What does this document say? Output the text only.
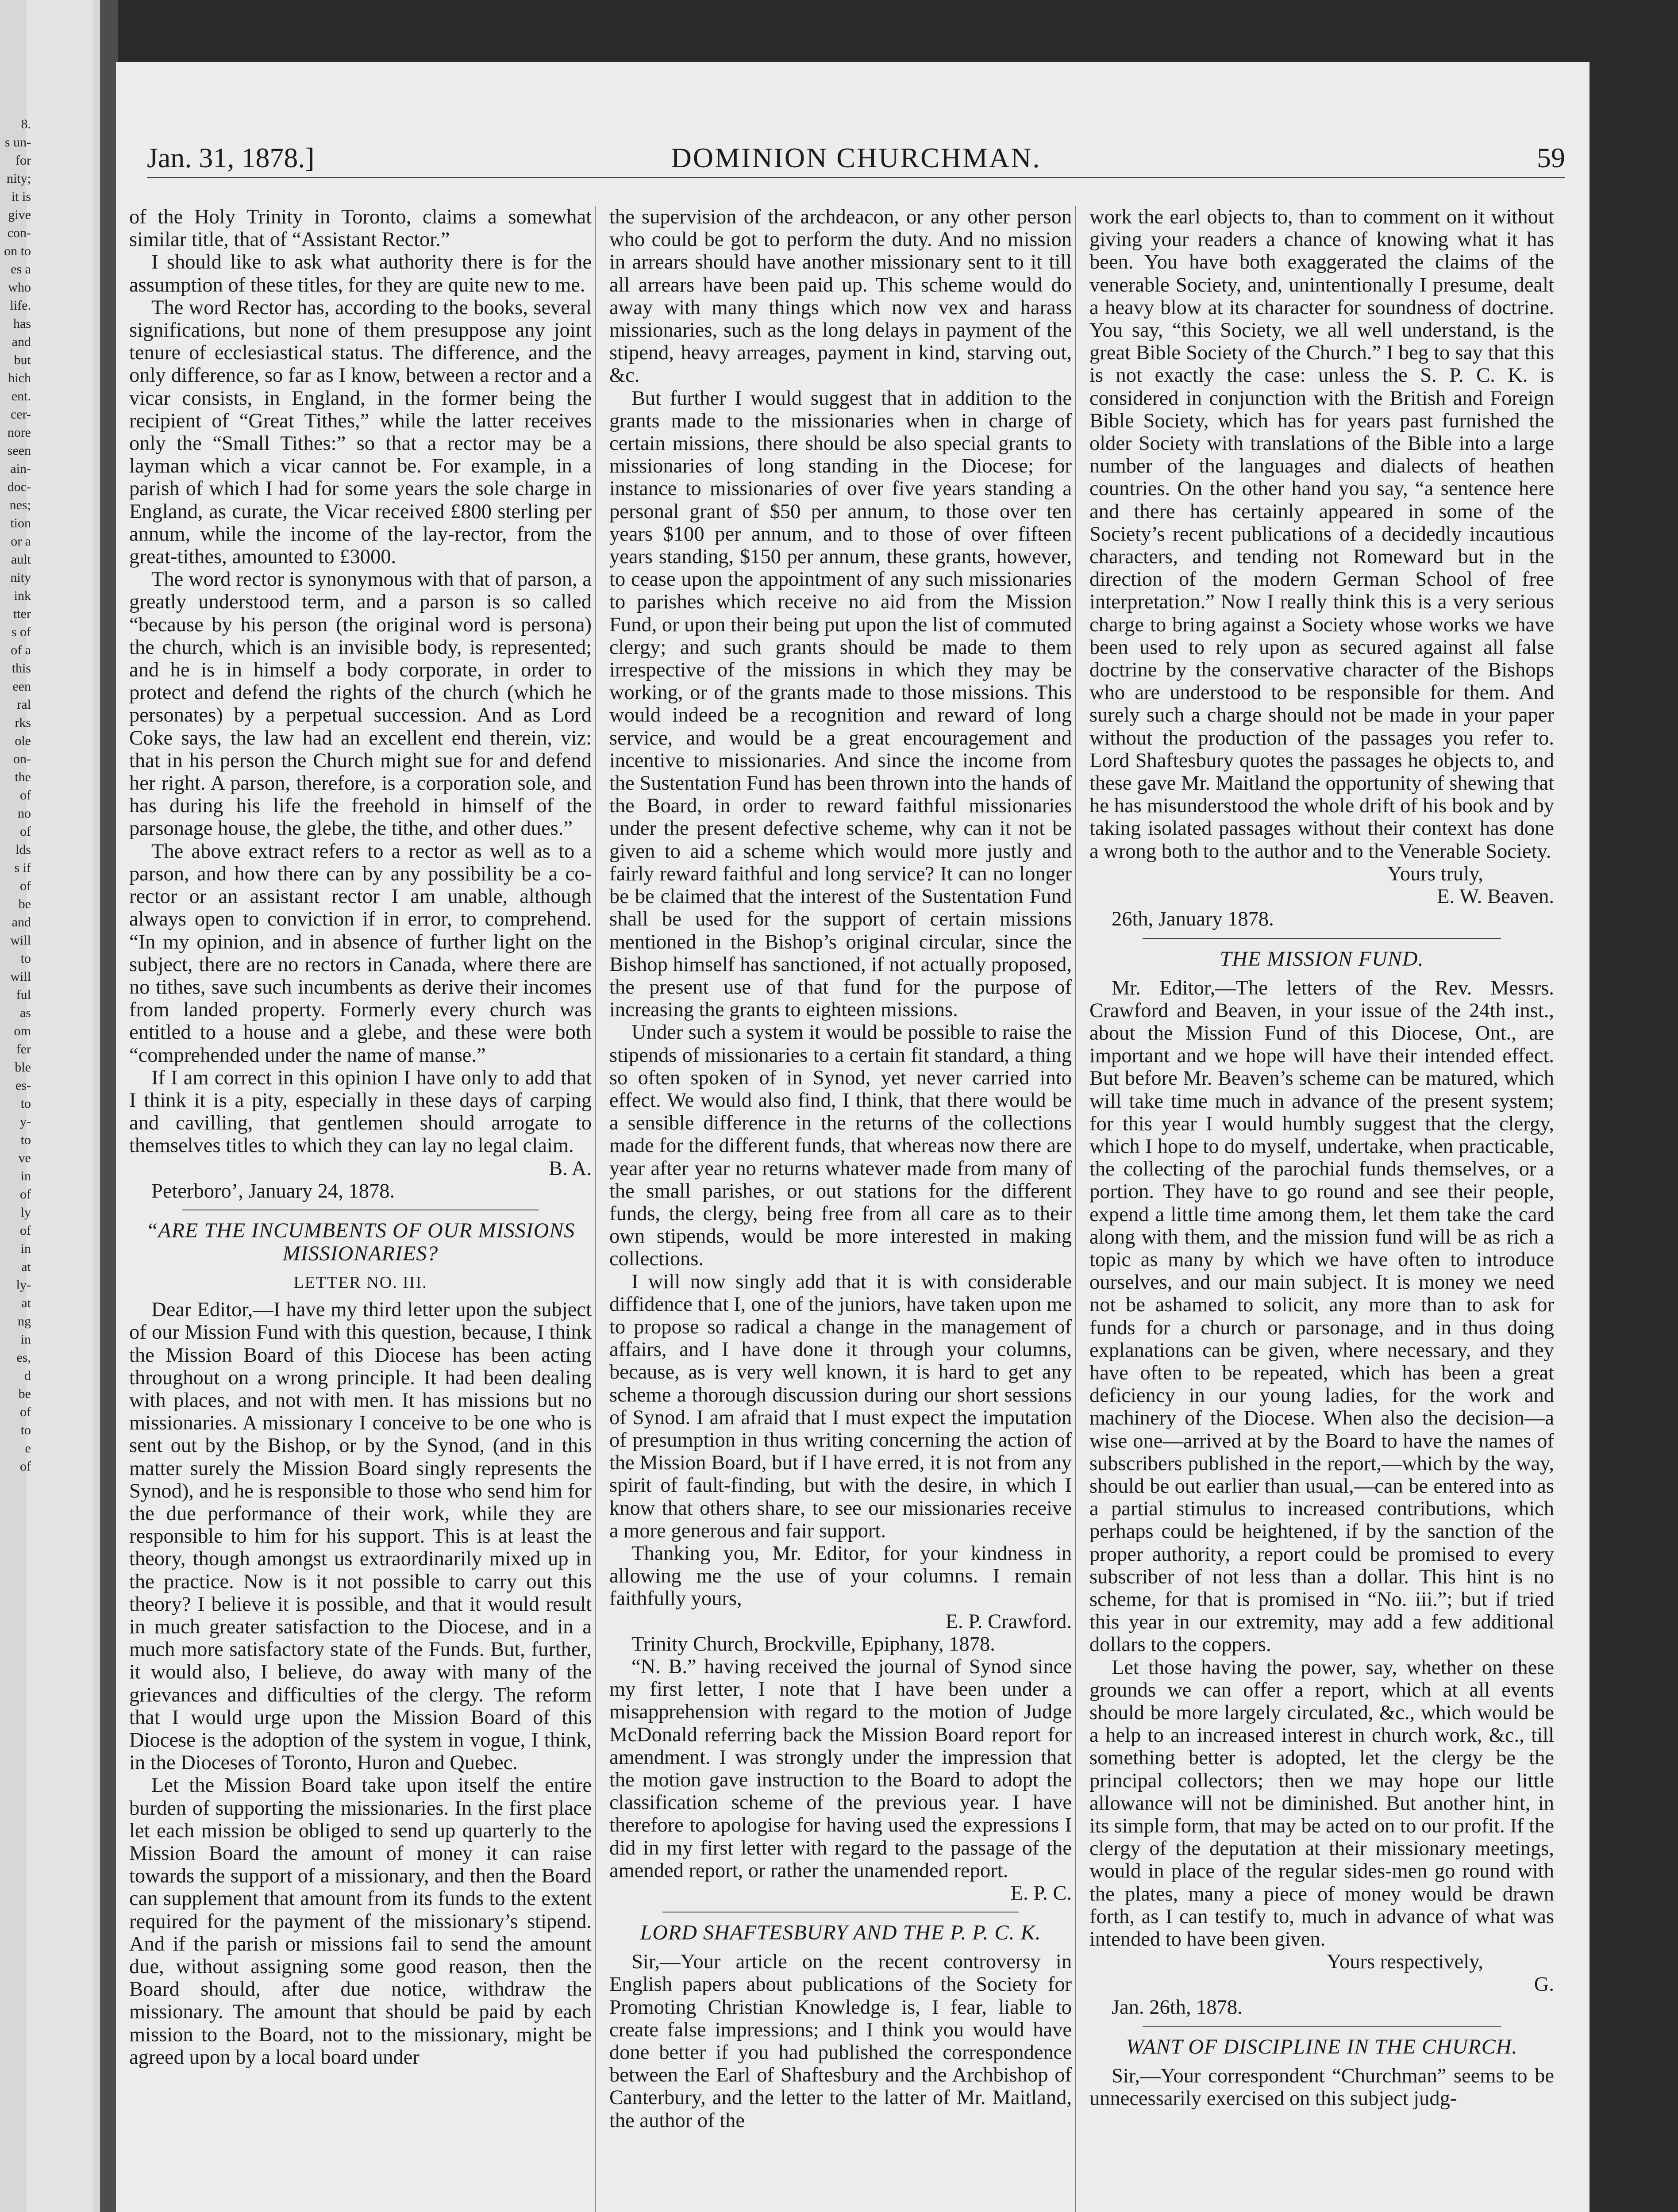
8.
s un-
for
nity;
it is
give
con-
on to
es a
who
life.
has
and
but
hich
ent.
cer-
nore
seen
ain-
doc-
nes;
tion
or a
ault
nity
ink
tter
s of
of a
this
een
ral
rks
ole
on-
the
of
no
of
lds
s if
of
be
and
will
to
will
ful
as
om
fer
ble
es-
to
y-
to
ve
in
of
ly
of
in
at
ly-
at
ng
in
es,
d
be
of
to
e
of
Jan. 31, 1878.]	DOMINION CHURCHMAN.	59

of the Holy Trinity in Toronto, claims a somewhat similar title, that of “Assistant Rector.”

I should like to ask what authority there is for the assumption of these titles, for they are quite new to me.

The word Rector has, according to the books, several significations, but none of them presuppose any joint tenure of ecclesiastical status. The difference, and the only difference, so far as I know, between a rector and a vicar consists, in England, in the former being the recipient of “Great Tithes,” while the latter receives only the “Small Tithes:” so that a rector may be a layman which a vicar cannot be. For example, in a parish of which I had for some years the sole charge in England, as curate, the Vicar received £800 sterling per annum, while the income of the lay-rector, from the great-tithes, amounted to £3000.

The word rector is synonymous with that of parson, a greatly understood term, and a parson is so called “because by his person (the original word is persona) the church, which is an invisible body, is represented; and he is in himself a body corporate, in order to protect and defend the rights of the church (which he personates) by a perpetual succession. And as Lord Coke says, the law had an excellent end therein, viz: that in his person the Church might sue for and defend her right. A parson, therefore, is a corporation sole, and has during his life the freehold in himself of the parsonage house, the glebe, the tithe, and other dues.”

The above extract refers to a rector as well as to a parson, and how there can by any possibility be a co-rector or an assistant rector I am unable, although always open to conviction if in error, to comprehend. “In my opinion, and in absence of further light on the subject, there are no rectors in Canada, where there are no tithes, save such incumbents as derive their incomes from landed property. Formerly every church was entitled to a house and a glebe, and these were both “comprehended under the name of manse.”

If I am correct in this opinion I have only to add that I think it is a pity, especially in these days of carping and cavilling, that gentlemen should arrogate to themselves titles to which they can lay no legal claim.

B. A.

Peterboro’, January 24, 1878.

“ARE THE INCUMBENTS OF OUR MISSIONS MISSIONARIES?
LETTER NO. III.

Dear Editor,—I have my third letter upon the subject of our Mission Fund with this question, because, I think the Mission Board of this Diocese has been acting throughout on a wrong principle. It had been dealing with places, and not with men. It has missions but no missionaries. A missionary I conceive to be one who is sent out by the Bishop, or by the Synod, (and in this matter surely the Mission Board singly represents the Synod), and he is responsible to those who send him for the due performance of their work, while they are responsible to him for his support. This is at least the theory, though amongst us extraordinarily mixed up in the practice. Now is it not possible to carry out this theory? I believe it is possible, and that it would result in much greater satisfaction to the Diocese, and in a much more satisfactory state of the Funds. But, further, it would also, I believe, do away with many of the grievances and difficulties of the clergy. The reform that I would urge upon the Mission Board of this Diocese is the adoption of the system in vogue, I think, in the Dioceses of Toronto, Huron and Quebec.

Let the Mission Board take upon itself the entire burden of supporting the missionaries. In the first place let each mission be obliged to send up quarterly to the Mission Board the amount of money it can raise towards the support of a missionary, and then the Board can supplement that amount from its funds to the extent required for the payment of the missionary’s stipend. And if the parish or missions fail to send the amount due, without assigning some good reason, then the Board should, after due notice, withdraw the missionary. The amount that should be paid by each mission to the Board, not to the missionary, might be agreed upon by a local board under

the supervision of the archdeacon, or any other person who could be got to perform the duty. And no mission in arrears should have another missionary sent to it till all arrears have been paid up. This scheme would do away with many things which now vex and harass missionaries, such as the long delays in payment of the stipend, heavy arreages, payment in kind, starving out, &c.

But further I would suggest that in addition to the grants made to the missionaries when in charge of certain missions, there should be also special grants to missionaries of long standing in the Diocese; for instance to missionaries of over five years standing a personal grant of $50 per annum, to those over ten years $100 per annum, and to those of over fifteen years standing, $150 per annum, these grants, however, to cease upon the appointment of any such missionaries to parishes which receive no aid from the Mission Fund, or upon their being put upon the list of commuted clergy; and such grants should be made to them irrespective of the missions in which they may be working, or of the grants made to those missions. This would indeed be a recognition and reward of long service, and would be a great encouragement and incentive to missionaries. And since the income from the Sustentation Fund has been thrown into the hands of the Board, in order to reward faithful missionaries under the present defective scheme, why can it not be given to aid a scheme which would more justly and fairly reward faithful and long service? It can no longer be be claimed that the interest of the Sustentation Fund shall be used for the support of certain missions mentioned in the Bishop’s original circular, since the Bishop himself has sanctioned, if not actually proposed, the present use of that fund for the purpose of increasing the grants to eighteen missions.

Under such a system it would be possible to raise the stipends of missionaries to a certain fit standard, a thing so often spoken of in Synod, yet never carried into effect. We would also find, I think, that there would be a sensible difference in the returns of the collections made for the different funds, that whereas now there are year after year no returns whatever made from many of the small parishes, or out stations for the different funds, the clergy, being free from all care as to their own stipends, would be more interested in making collections.

I will now singly add that it is with considerable diffidence that I, one of the juniors, have taken upon me to propose so radical a change in the management of affairs, and I have done it through your columns, because, as is very well known, it is hard to get any scheme a thorough discussion during our short sessions of Synod. I am afraid that I must expect the imputation of presumption in thus writing concerning the action of the Mission Board, but if I have erred, it is not from any spirit of fault-finding, but with the desire, in which I know that others share, to see our missionaries receive a more generous and fair support.

Thanking you, Mr. Editor, for your kindness in allowing me the use of your columns. I remain faithfully yours,

E. P. Crawford.

Trinity Church, Brockville, Epiphany, 1878.

“N. B.” having received the journal of Synod since my first letter, I note that I have been under a misapprehension with regard to the motion of Judge McDonald referring back the Mission Board report for amendment. I was strongly under the impression that the motion gave instruction to the Board to adopt the classification scheme of the previous year. I have therefore to apologise for having used the expressions I did in my first letter with regard to the passage of the amended report, or rather the unamended report.

E. P. C.

LORD SHAFTESBURY AND THE P. P. C. K.

Sir,—Your article on the recent controversy in English papers about publications of the Society for Promoting Christian Knowledge is, I fear, liable to create false impressions; and I think you would have done better if you had published the correspondence between the Earl of Shaftesbury and the Archbishop of Canterbury, and the letter to the latter of Mr. Maitland, the author of the

work the earl objects to, than to comment on it without giving your readers a chance of knowing what it has been. You have both exaggerated the claims of the venerable Society, and, unintentionally I presume, dealt a heavy blow at its character for soundness of doctrine. You say, “this Society, we all well understand, is the great Bible Society of the Church.” I beg to say that this is not exactly the case: unless the S. P. C. K. is considered in conjunction with the British and Foreign Bible Society, which has for years past furnished the older Society with translations of the Bible into a large number of the languages and dialects of heathen countries. On the other hand you say, “a sentence here and there has certainly appeared in some of the Society’s recent publications of a decidedly incautious characters, and tending not Romeward but in the direction of the modern German School of free interpretation.” Now I really think this is a very serious charge to bring against a Society whose works we have been used to rely upon as secured against all false doctrine by the conservative character of the Bishops who are understood to be responsible for them. And surely such a charge should not be made in your paper without the production of the passages you refer to. Lord Shaftesbury quotes the passages he objects to, and these gave Mr. Maitland the opportunity of shewing that he has misunderstood the whole drift of his book and by taking isolated passages without their context has done a wrong both to the author and to the Venerable Society.

Yours truly,

E. W. Beaven.

26th, January 1878.

THE MISSION FUND.

Mr. Editor,—The letters of the Rev. Messrs. Crawford and Beaven, in your issue of the 24th inst., about the Mission Fund of this Diocese, Ont., are important and we hope will have their intended effect. But before Mr. Beaven’s scheme can be matured, which will take time much in advance of the present system; for this year I would humbly suggest that the clergy, which I hope to do myself, undertake, when practicable, the collecting of the parochial funds themselves, or a portion. They have to go round and see their people, expend a little time among them, let them take the card along with them, and the mission fund will be as rich a topic as many by which we have often to introduce ourselves, and our main subject. It is money we need not be ashamed to solicit, any more than to ask for funds for a church or parsonage, and in thus doing explanations can be given, where necessary, and they have often to be repeated, which has been a great deficiency in our young ladies, for the work and machinery of the Diocese. When also the decision—a wise one—arrived at by the Board to have the names of subscribers published in the report,—which by the way, should be out earlier than usual,—can be entered into as a partial stimulus to increased contributions, which perhaps could be heightened, if by the sanction of the proper authority, a report could be promised to every subscriber of not less than a dollar. This hint is no scheme, for that is promised in “No. iii.”; but if tried this year in our extremity, may add a few additional dollars to the coppers.

Let those having the power, say, whether on these grounds we can offer a report, which at all events should be more largely circulated, &c., which would be a help to an increased interest in church work, &c., till something better is adopted, let the clergy be the principal collectors; then we may hope our little allowance will not be diminished. But another hint, in its simple form, that may be acted on to our profit. If the clergy of the deputation at their missionary meetings, would in place of the regular sides-men go round with the plates, many a piece of money would be drawn forth, as I can testify to, much in advance of what was intended to have been given.

Yours respectively,

G.

Jan. 26th, 1878.

WANT OF DISCIPLINE IN THE CHURCH.

Sir,—Your correspondent “Churchman” seems to be unnecessarily exercised on this subject judg-
